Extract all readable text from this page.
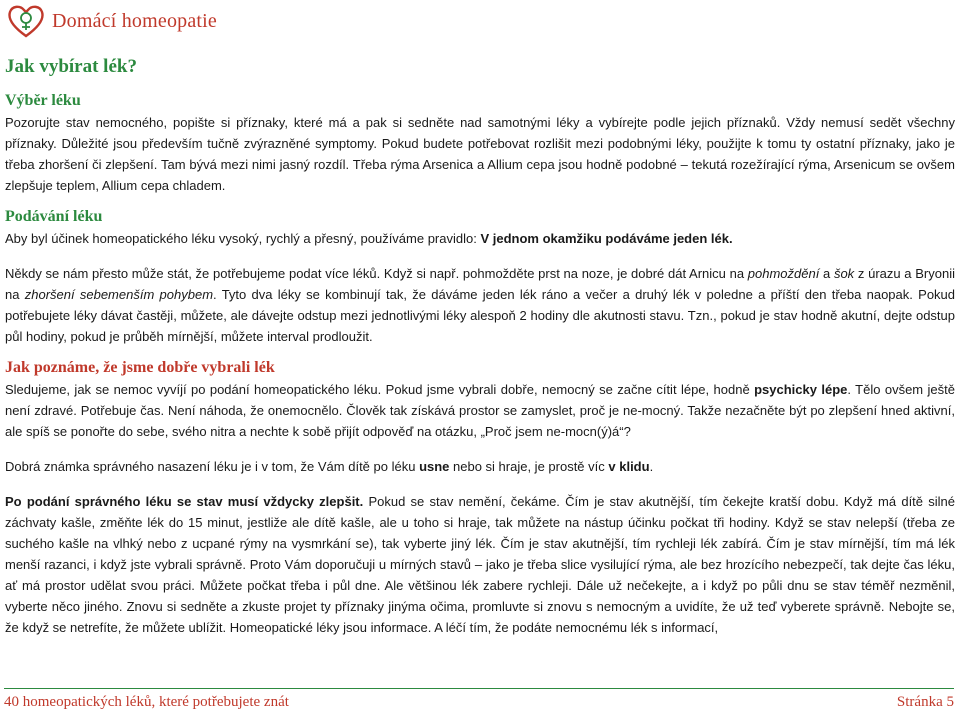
Domácí homeopatie
Jak vybírat lék?
Výběr léku

Pozorujte stav nemocného, popište si příznaky, které má a pak si sedněte nad samotnými léky a vybírejte podle jejich příznaků. Vždy nemusí sedět všechny příznaky. Důležité jsou především tučně zvýrazněné symptomy. Pokud budete potřebovat rozlišit mezi podobnými léky, použijte k tomu ty ostatní příznaky, jako je třeba zhoršení či zlepšení. Tam bývá mezi nimi jasný rozdíl. Třeba rýma Arsenica a Allium cepa jsou hodně podobné – tekutá rozežírající rýma, Arsenicum se ovšem zlepšuje teplem, Allium cepa chladem.

Podávání léku

Aby byl účinek homeopatického léku vysoký, rychlý a přesný, používáme pravidlo: V jednom okamžiku podáváme jeden lék.

Někdy se nám přesto může stát, že potřebujeme podat více léků. Když si např. pohmožděte prst na noze, je dobré dát Arnicu na pohmoždění a šok z úrazu a Bryonii na zhoršení sebemenším pohybem. Tyto dva léky se kombinují tak, že dáváme jeden lék ráno a večer a druhý lék v poledne a příští den třeba naopak. Pokud potřebujete léky dávat častěji, můžete, ale dávejte odstup mezi jednotlivými léky alespoň 2 hodiny dle akutnosti stavu. Tzn., pokud je stav hodně akutní, dejte odstup půl hodiny, pokud je průběh mírnější, můžete interval prodloužit.

Jak poznáme, že jsme dobře vybrali lék

Sledujeme, jak se nemoc vyvíjí po podání homeopatického léku. Pokud jsme vybrali dobře, nemocný se začne cítit lépe, hodně psychicky lépe. Tělo ovšem ještě není zdravé. Potřebuje čas. Není náhoda, že onemocnělo. Člověk tak získává prostor se zamyslet, proč je ne-mocný. Takže nezačněte být po zlepšení hned aktivní, ale spíš se ponořte do sebe, svého nitra a nechte k sobě přijít odpověď na otázku, „Proč jsem ne-mocn(ý)á“?

Dobrá známka správného nasazení léku je i v tom, že Vám dítě po léku usne nebo si hraje, je prostě víc v klidu.

Po podání správného léku se stav musí vždycky zlepšit. Pokud se stav nemění, čekáme. Čím je stav akutnější, tím čekejte kratší dobu. Když má dítě silné záchvaty kašle, změňte lék do 15 minut, jestliže ale dítě kašle, ale u toho si hraje, tak můžete na nástup účinku počkat tři hodiny. Když se stav nelepší (třeba ze suchého kašle na vlhký nebo z ucpané rýmy na vysmrkání se), tak vyberte jiný lék. Čím je stav akutnější, tím rychleji lék zabírá. Čím je stav mírnější, tím má lék menší razanci, i když jste vybrali správně. Proto Vám doporučuji u mírných stavů – jako je třeba slice vysilující rýma, ale bez hrozícího nebezpečí, tak dejte čas léku, ať má prostor udělat svou práci. Můžete počkat třeba i půl dne. Ale většinou lék zabere rychleji. Dále už nečekejte, a i když po půli dnu se stav téměř nezměnil, vyberte něco jiného. Znovu si sedněte a zkuste projet ty příznaky jinýma očima, promluvte si znovu s nemocným a uvidíte, že už teď vyberete správně. Nebojte se, že když se netrefíte, že můžete ublížit. Homeopatické léky jsou informace. A léčí tím, že podáte nemocnému lék s informací,

40 homeopatických léků, které potřebujete znát	Stránka 5
